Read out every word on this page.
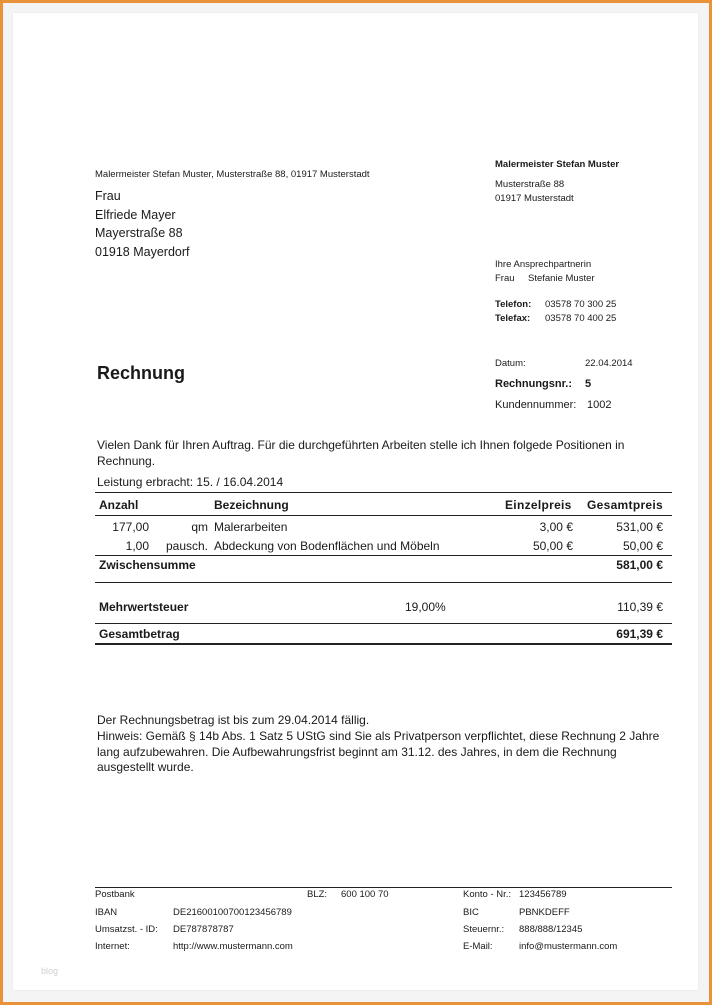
Malermeister Stefan Muster, Musterstraße 88, 01917 Musterstadt
Frau
Elfriede Mayer
Mayerstraße 88
01918 Mayerdorf
Malermeister Stefan Muster
Musterstraße 88
01917 Musterstadt
Ihre Ansprechpartnerin
Frau Stefanie Muster
Telefon: 03578 70 300 25
Telefax: 03578 70 400 25
Rechnung	Datum:	22.04.2014
Rechnungsnr.: 5
Kundennummer: 1002
Vielen Dank für Ihren Auftrag. Für die durchgeführten Arbeiten stelle ich Ihnen folgede Positionen in Rechnung.
Leistung erbracht: 15. / 16.04.2014
Anzahl	Bezeichnung	Einzelpreis Gesamtpreis
177,00	qm Malerarbeiten	3,00 €	531,00 €
1,00 pausch. Abdeckung von Bodenflächen und Möbeln	50,00 €	50,00 €
Zwischensumme	581,00 €
Mehrwertsteuer	19,00%	110,39 €
Gesamtbetrag	691,39 €
Der Rechnungsbetrag ist bis zum 29.04.2014 fällig.
Hinweis: Gemäß § 14b Abs. 1 Satz 5 UStG sind Sie als Privatperson verpflichtet, diese Rechnung 2 Jahre lang aufzubewahren. Die Aufbewahrungsfrist beginnt am 31.12. des Jahres, in dem die Rechnung ausgestellt wurde.
Postbank	BLZ: 600 100 70	Konto - Nr.: 123456789
IBAN	DE21600100700123456789	BIC	PBNKDEFF
Umsatzst. - ID: DE787878787	Steuernr.: 888/888/12345
Internet:	http://www.mustermann.com	E-Mail:	info@mustermann.com
blog
